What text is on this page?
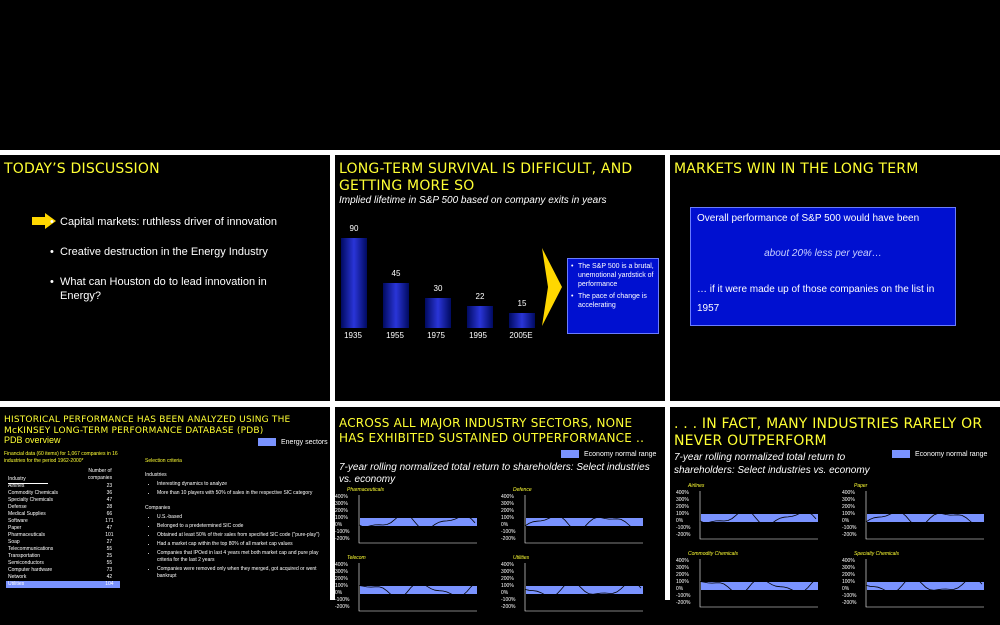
TODAY’S DISCUSSION
• Capital markets: ruthless driver of innovation
• Creative destruction in the Energy Industry
• What can Houston do to lead innovation in Energy?
LONG-TERM SURVIVAL IS DIFFICULT, AND GETTING MORE SO
Implied lifetime in S&P 500 based on company exits in years
90
45
30
22
15
1935	1955	1975	1995	2005E
• The S&P 500 is a brutal, unemotional yardstick of performance
• The pace of change is accelerating
MARKETS WIN IN THE LONG TERM
Overall performance of S&P 500 would have been
about 20% less per year…
… if it were made up of those companies on the list in 1957
HISTORICAL PERFORMANCE HAS BEEN ANALYZED USING THE McKINSEY LONG-TERM PERFORMANCE DATABASE (PDB)
PDB overview	Energy sectors
Financial data (60 items) for 1,067 companies in 16 industries for the period 1962-2000*
Industry
Number of companies
Airlines	23
Commodity Chemicals	36
Specialty Chemicals	47
Defense	28
Medical Supplies	66
Software	171
Paper	47
Pharmaceuticals	101
Soap	27
Telecommunications	55
Transportation	25
Semiconductors	55
Computer hardware	73
Network	42
Utilities	104
Selection criteria
Industries
• Interesting dynamics to analyze
• More than 10 players with 50% of sales in the respective SIC category
Companies
• U.S.-based
• Belonged to a predetermined SIC code
• Obtained at least 50% of their sales from specified SIC code ("pure-play")
• Had a market cap within the top 80% of all market cap values
• Companies that IPOed in last 4 years met both market cap and pure play criteria for the last 2 years
• Companies were removed only when they merged, got acquired or went bankrupt
ACROSS ALL MAJOR INDUSTRY SECTORS, NONE HAS EXHIBITED SUSTAINED OUTPERFORMANCE ..
Economy normal range
7-year rolling normalized total return to shareholders: Select industries vs. economy
Pharmaceuticals
400%
300%
200%
100%
0%
-100%
-200%
Defence
400%
300%
200%
100%
0%
-100%
-200%
Telecom
400%
300%
200%
100%
0%
-100%
-200%
Utilities
400%
300%
200%
100%
0%
-100%
-200%
. . . IN FACT, MANY INDUSTRIES RARELY OR NEVER OUTPERFORM
Economy normal range
7-year rolling normalized total return to shareholders: Select industries vs. economy
Airlines
400%
300%
200%
100%
0%
-100%
-200%
Paper
400%
300%
200%
100%
0%
-100%
-200%
Commodity Chemicals
400%
300%
200%
100%
0%
-100%
-200%
Specialty Chemicals
400%
300%
200%
100%
0%
-100%
-200%
